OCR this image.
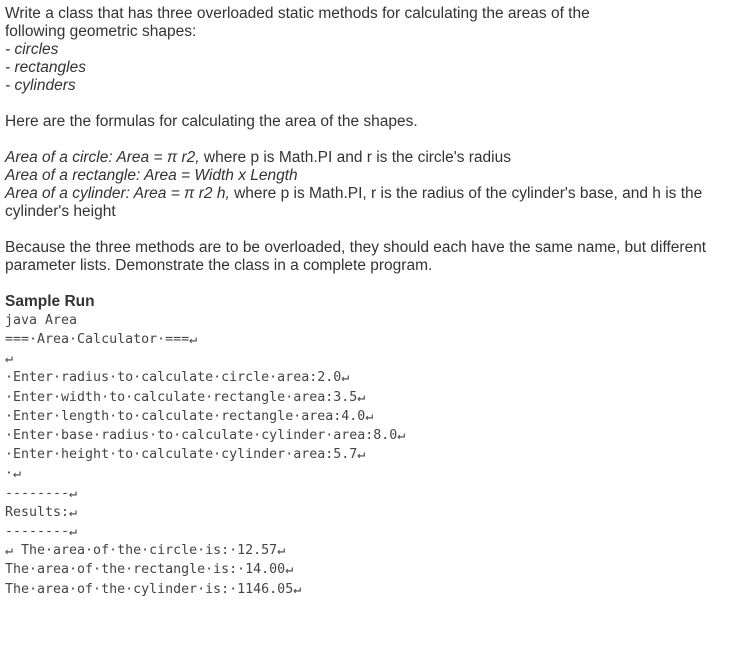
Write a class that has three overloaded static methods for calculating the areas of the

following geometric shapes:

- circles

- rectangles

- cylinders

Here are the formulas for calculating the area of the shapes.

Area of a circle: Area = π r2, where p is Math.PI and r is the circle's radius

Area of a rectangle: Area = Width x Length

Area of a cylinder: Area = π r2 h, where p is Math.PI, r is the radius of the cylinder's base, and h is the

cylinder's height

Because the three methods are to be overloaded, they should each have the same name, but different

parameter lists. Demonstrate the class in a complete program.

Sample Run

java Area
===·Area·Calculator·===↵
↵
·Enter·radius·to·calculate·circle·area:2.0↵
·Enter·width·to·calculate·rectangle·area:3.5↵
·Enter·length·to·calculate·rectangle·area:4.0↵
·Enter·base·radius·to·calculate·cylinder·area:8.0↵
·Enter·height·to·calculate·cylinder·area:5.7↵
·↵
--------↵
Results:↵
--------↵
↵ The·area·of·the·circle·is:·12.57↵
The·area·of·the·rectangle·is:·14.00↵
The·area·of·the·cylinder·is:·1146.05↵
